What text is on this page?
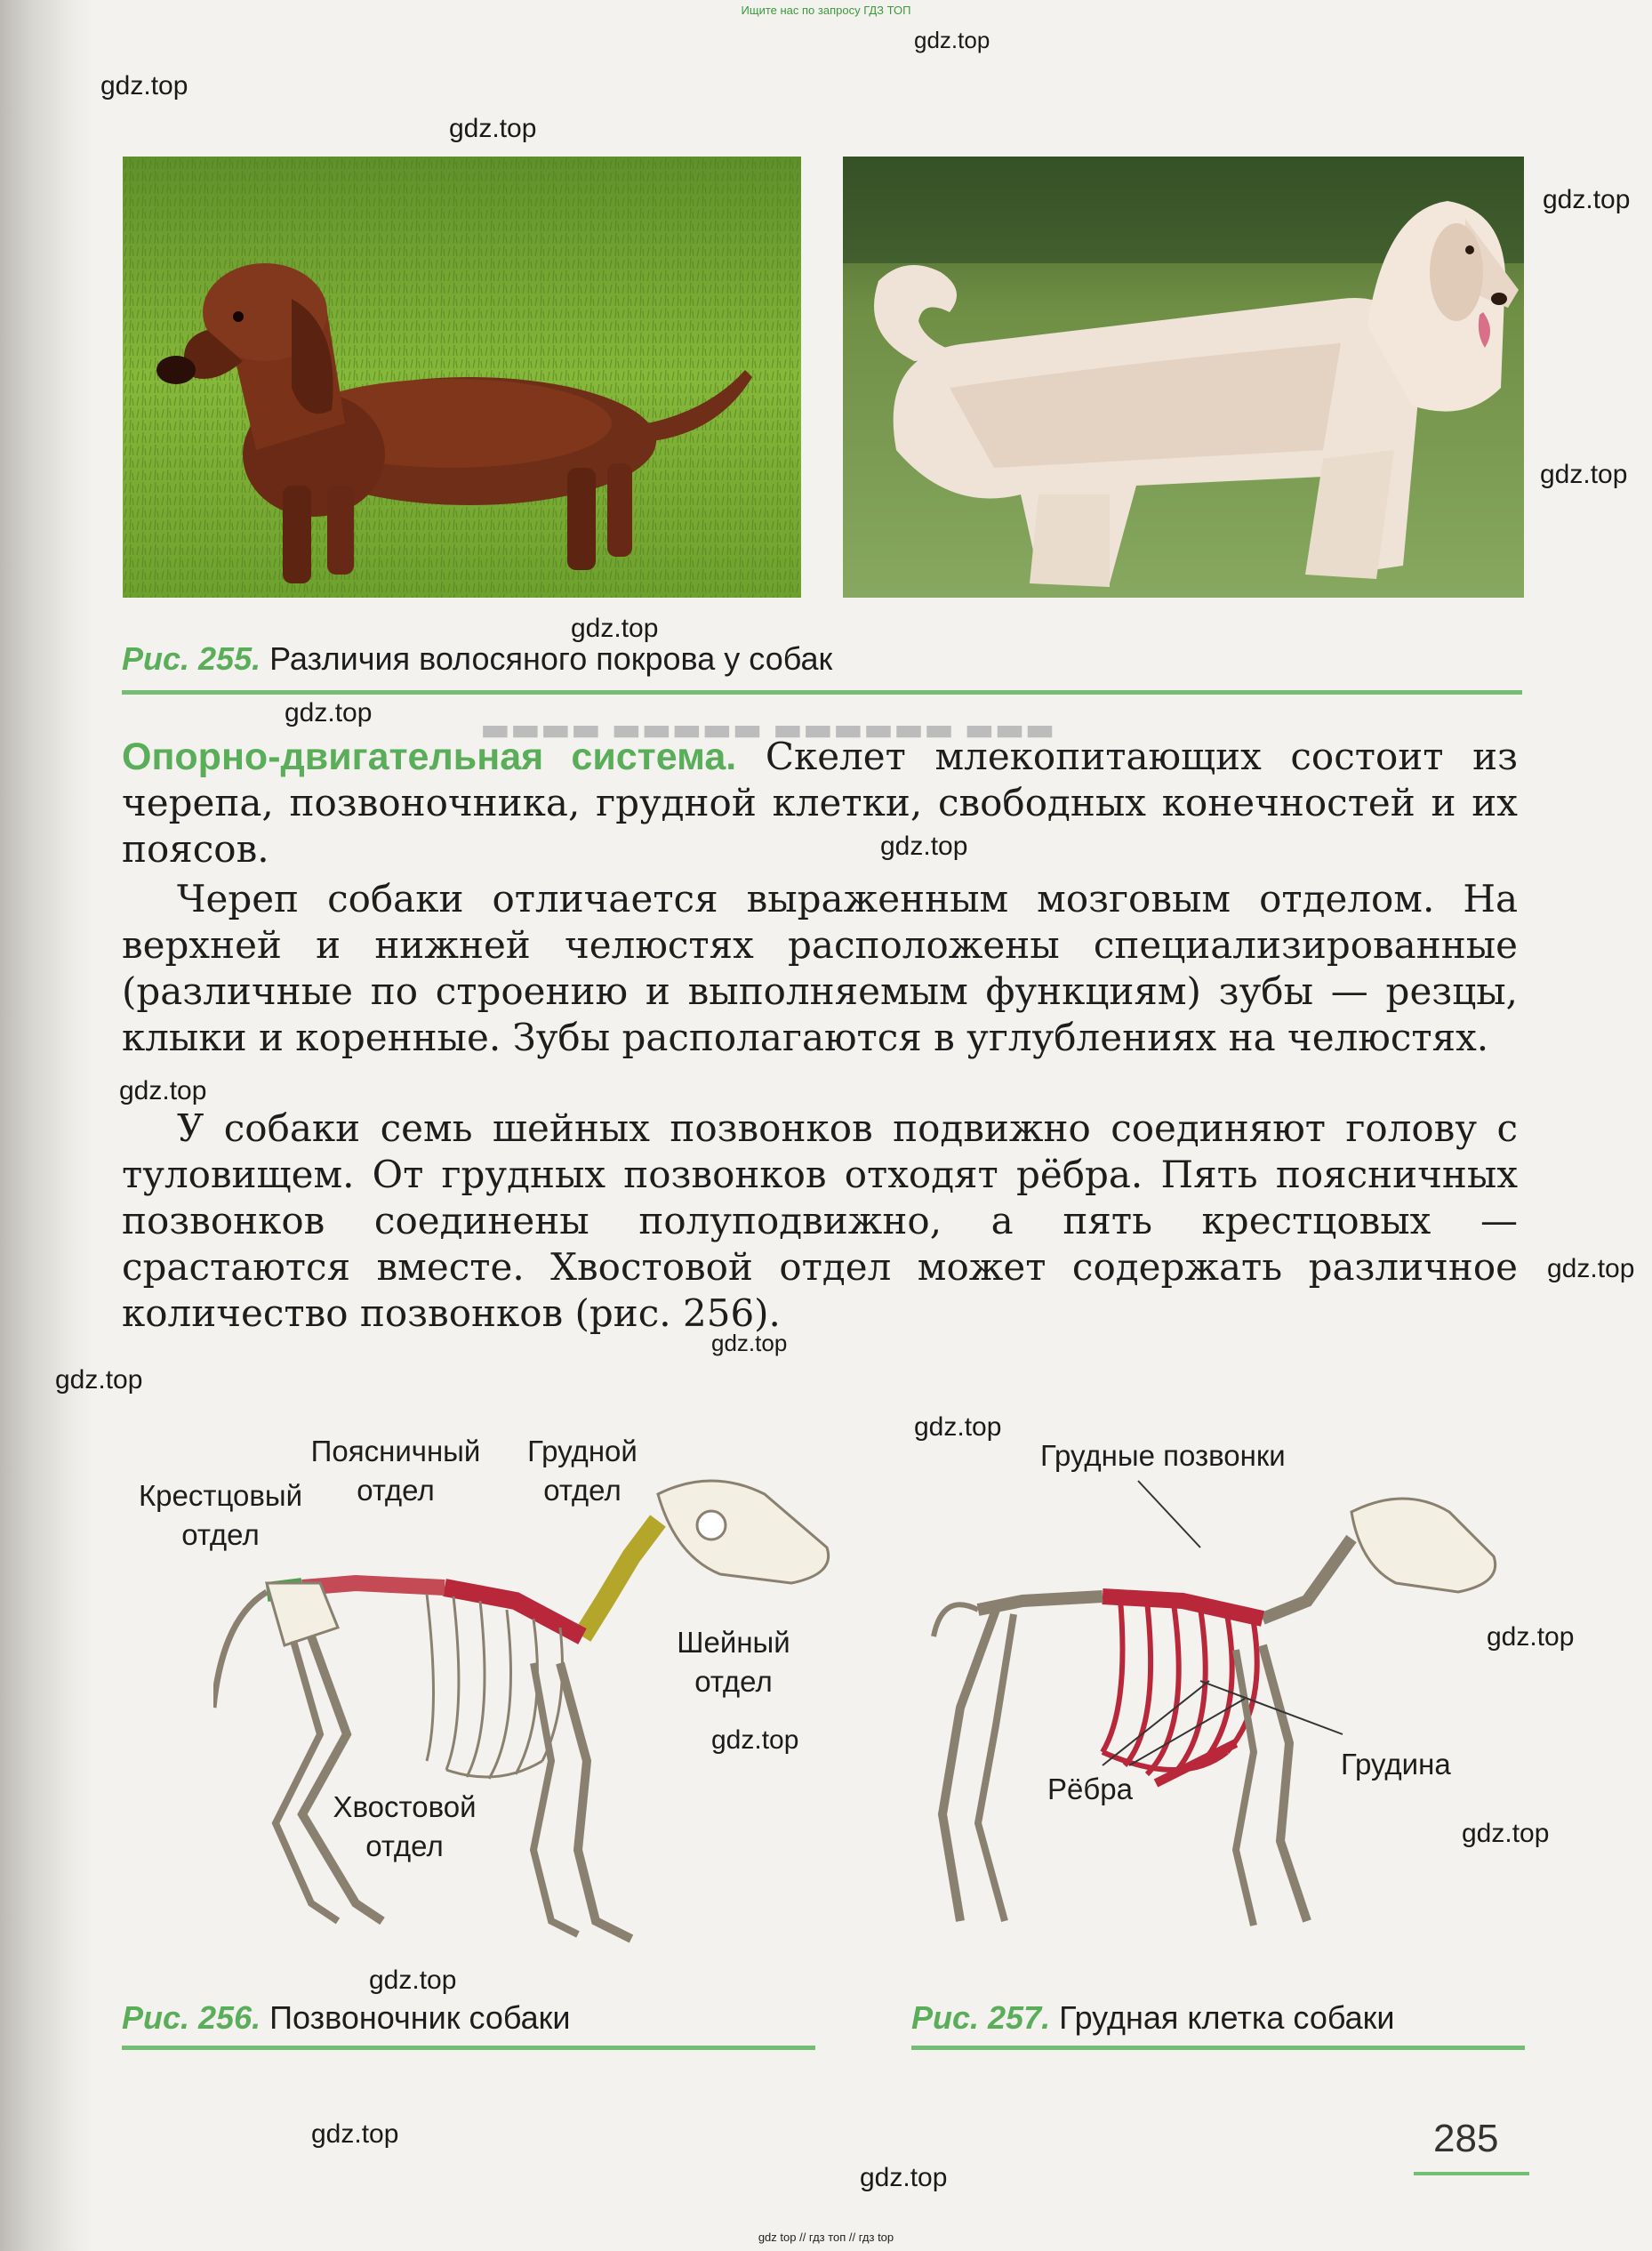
Ищите нас по запросу ГДЗ ТОП
▬▬▬ ▬▬▬▬▬▬ ▬▬▬▬▬ ▬▬▬▬
gdz.top
gdz.top
gdz.top
gdz.top
gdz.top
gdz.top
gdz.top
gdz.top
gdz.top
gdz.top
gdz.top
gdz.top
gdz.top
gdz.top
gdz.top
gdz.top
gdz.top
gdz.top
gdz.top
Рис. 255. Различия волосяного покрова у собак
Опорно-двигательная система. Скелет млекопитающих состоит из черепа, позвоночника, грудной клетки, свободных конечностей и их поясов.
Череп собаки отличается выраженным мозговым отделом. На верхней и нижней челюстях расположены специализированные (различные по строению и выполняемым функциям) зубы — резцы, клыки и коренные. Зубы располагаются в углублениях на челюстях.
У собаки семь шейных позвонков подвижно соединяют голову с туловищем. От грудных позвонков отходят рёбра. Пять поясничных позвонков соединены полуподвижно, а пять крестцовых — срастаются вместе. Хвостовой отдел может содержать различное количество позвонков (рис. 256).
Поясничный отдел
Крестцовый отдел
Грудной отдел
Шейный отдел
Хвостовой отдел
Грудные позвонки
Рёбра
Грудина
Рис. 256. Позвоночник собаки	Рис. 257. Грудная клетка собаки
285
gdz top // гдз топ // гдз top
